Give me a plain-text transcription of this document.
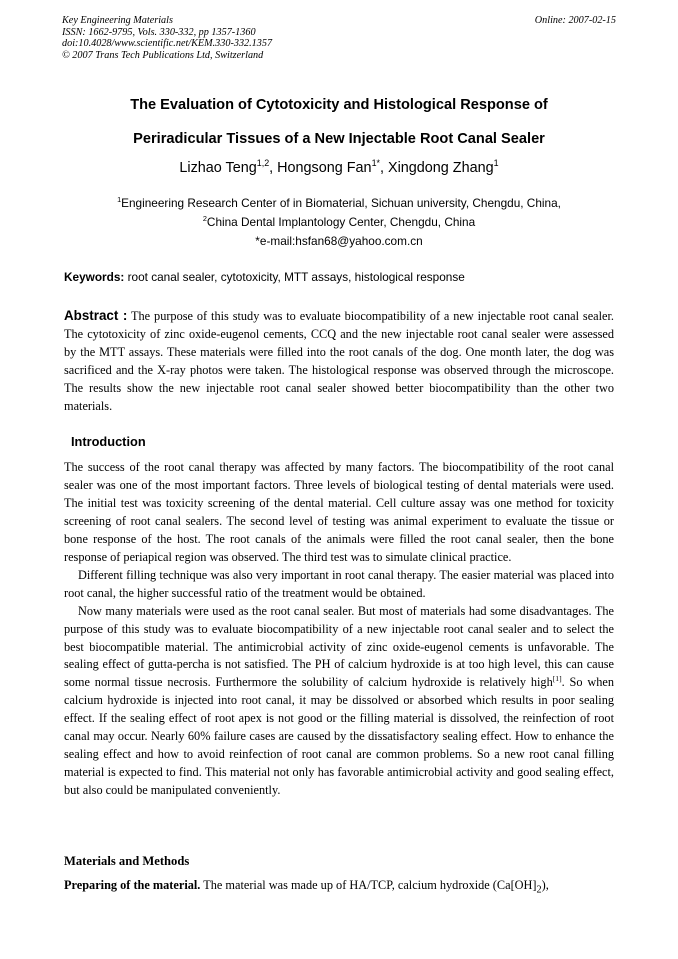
Key Engineering Materials
ISSN: 1662-9795, Vols. 330-332, pp 1357-1360
doi:10.4028/www.scientific.net/KEM.330-332.1357
© 2007 Trans Tech Publications Ltd, Switzerland
Online: 2007-02-15
The Evaluation of Cytotoxicity and Histological Response of
Periradicular Tissues of a New Injectable Root Canal Sealer
Lizhao Teng$^{1,2}$, Hongsong Fan$^{1*}$, Xingdong Zhang$^1$
$^1$Engineering Research Center of in Biomaterial, Sichuan university, Chengdu, China,
$^2$China Dental Implantology Center, Chengdu, China
*e-mail:hsfan68@yahoo.com.cn
Keywords: root canal sealer, cytotoxicity, MTT assays, histological response
Abstract : The purpose of this study was to evaluate biocompatibility of a new injectable root canal sealer. The cytotoxicity of zinc oxide-eugenol cements, CCQ and the new injectable root canal sealer were assessed by the MTT assays. These materials were filled into the root canals of the dog. One month later, the dog was sacrificed and the X-ray photos were taken. The histological response was observed through the microscope. The results show the new injectable root canal sealer showed better biocompatibility than the other two materials.
Introduction

The success of the root canal therapy was affected by many factors. The biocompatibility of the root canal sealer was one of the most important factors. Three levels of biological testing of dental materials were used. The initial test was toxicity screening of the dental material. Cell culture assay was one method for toxicity screening of root canal sealers. The second level of testing was animal experiment to evaluate the tissue or bone response of the host. The root canals of the animals were filled the root canal sealer, then the bone response of periapical region was observed. The third test was to simulate clinical practice.

Different filling technique was also very important in root canal therapy. The easier material was placed into root canal, the higher successful ratio of the treatment would be obtained.

Now many materials were used as the root canal sealer. But most of materials had some disadvantages. The purpose of this study was to evaluate biocompatibility of a new injectable root canal sealer and to select the best biocompatible material. The antimicrobial activity of zinc oxide-eugenol cements is unfavorable. The sealing effect of gutta-percha is not satisfied. The PH of calcium hydroxide is at too high level, this can cause some normal tissue necrosis. Furthermore the solubility of calcium hydroxide is relatively high[1]. So when calcium hydroxide is injected into root canal, it may be dissolved or absorbed which results in poor sealing effect. If the sealing effect of root apex is not good or the filling material is dissolved, the reinfection of root canal may occur. Nearly 60% failure cases are caused by the dissatisfactory sealing effect. How to enhance the sealing effect and how to avoid reinfection of root canal are common problems. So a new root canal filling material is expected to find. This material not only has favorable antimicrobial activity and good sealing effect, but also could be manipulated conveniently.

Materials and Methods
Preparing of the material. The material was made up of HA/TCP, calcium hydroxide $(Ca[OH]_2)$,
